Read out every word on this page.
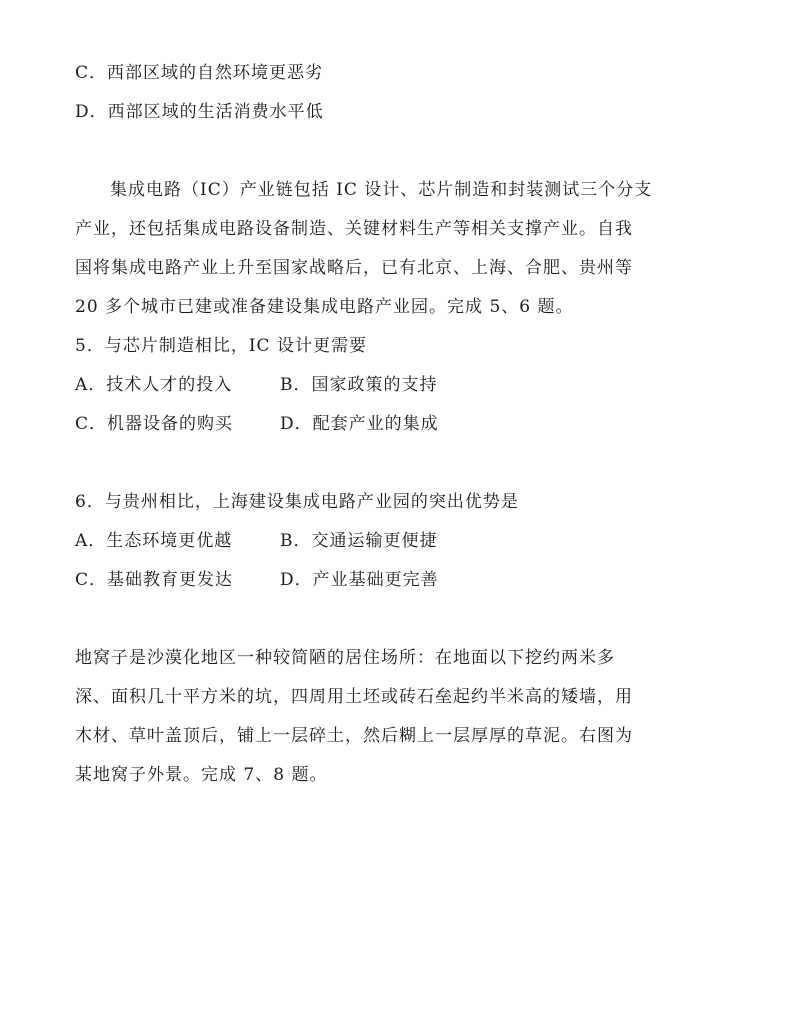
C．西部区域的自然环境更恶劣
D．西部区域的生活消费水平低
集成电路（IC）产业链包括 IC 设计、芯片制造和封装测试三个分支
产业，还包括集成电路设备制造、关键材料生产等相关支撑产业。自我
国将集成电路产业上升至国家战略后，已有北京、上海、合肥、贵州等
20 多个城市已建或准备建设集成电路产业园。完成 5、6 题。
5．与芯片制造相比，IC 设计更需要
A．技术人才的投入	B．国家政策的支持
C．机器设备的购买	D．配套产业的集成
6．与贵州相比，上海建设集成电路产业园的突出优势是
A．生态环境更优越	B．交通运输更便捷
C．基础教育更发达	D．产业基础更完善
地窝子是沙漠化地区一种较简陋的居住场所：在地面以下挖约两米多
深、面积几十平方米的坑，四周用土坯或砖石垒起约半米高的矮墙，用
木材、草叶盖顶后，铺上一层碎土，然后糊上一层厚厚的草泥。右图为
某地窝子外景。完成 7、8 题。
